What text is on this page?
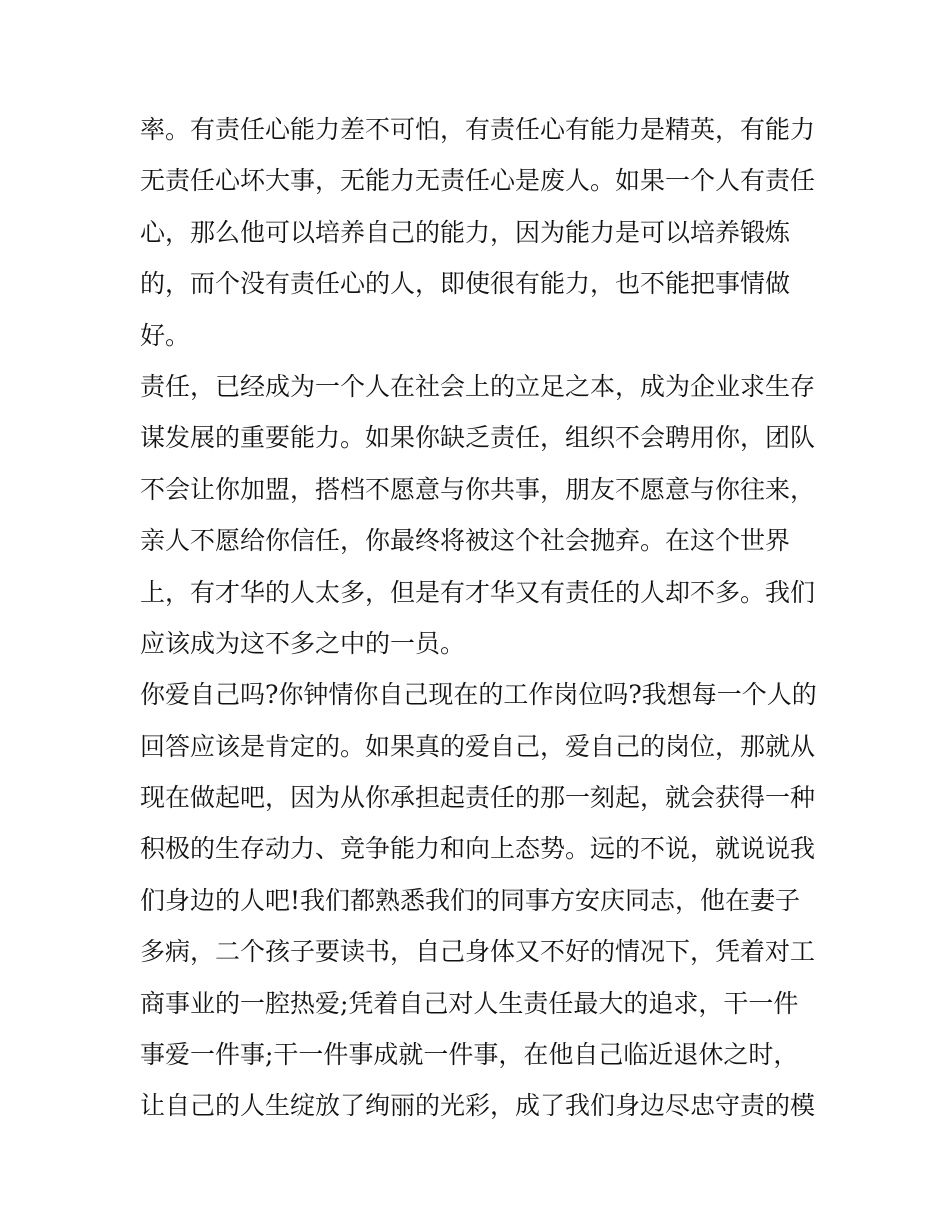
率。有责任心能力差不可怕，有责任心有能力是精英，有能力
无责任心坏大事，无能力无责任心是废人。如果一个人有责任
心，那么他可以培养自己的能力，因为能力是可以培养锻炼
的，而个没有责任心的人，即使很有能力，也不能把事情做
好。
责任，已经成为一个人在社会上的立足之本，成为企业求生存
谋发展的重要能力。如果你缺乏责任，组织不会聘用你，团队
不会让你加盟，搭档不愿意与你共事，朋友不愿意与你往来，
亲人不愿给你信任，你最终将被这个社会抛弃。在这个世界
上，有才华的人太多，但是有才华又有责任的人却不多。我们
应该成为这不多之中的一员。
你爱自己吗?你钟情你自己现在的工作岗位吗?我想每一个人的
回答应该是肯定的。如果真的爱自己，爱自己的岗位，那就从
现在做起吧，因为从你承担起责任的那一刻起，就会获得一种
积极的生存动力、竞争能力和向上态势。远的不说，就说说我
们身边的人吧!我们都熟悉我们的同事方安庆同志，他在妻子
多病，二个孩子要读书，自己身体又不好的情况下，凭着对工
商事业的一腔热爱;凭着自己对人生责任最大的追求，干一件
事爱一件事;干一件事成就一件事，在他自己临近退休之时，
让自己的人生绽放了绚丽的光彩，成了我们身边尽忠守责的模
